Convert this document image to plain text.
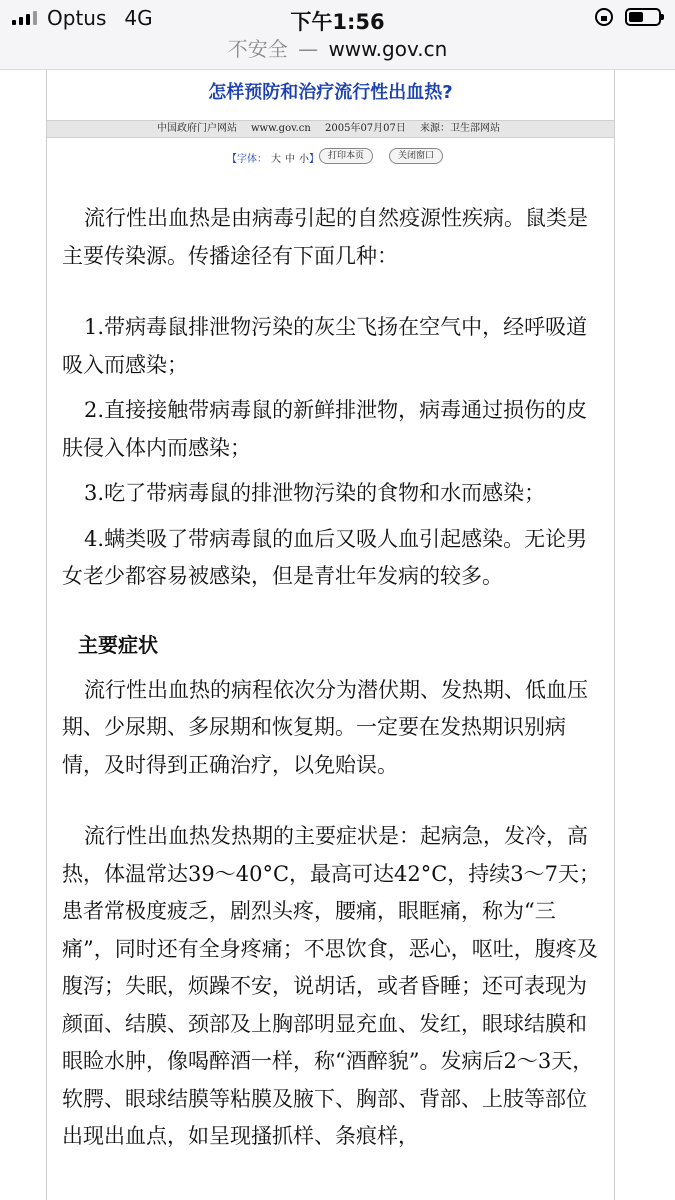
Optus 4G	下午1:56
不安全 — www.gov.cn
怎样预防和治疗流行性出血热?
中国政府门户网站 www.gov.cn 2005年07月07日 来源：卫生部网站
【字体： 大 中 小】	打印本页	关闭窗口

流行性出血热是由病毒引起的自然疫源性疾病。鼠类是主要传染源。传播途径有下面几种：

1.带病毒鼠排泄物污染的灰尘飞扬在空气中，经呼吸道吸入而感染；

2.直接接触带病毒鼠的新鲜排泄物，病毒通过损伤的皮肤侵入体内而感染；

3.吃了带病毒鼠的排泄物污染的食物和水而感染；

4.螨类吸了带病毒鼠的血后又吸人血引起感染。无论男女老少都容易被感染，但是青壮年发病的较多。

主要症状

流行性出血热的病程依次分为潜伏期、发热期、低血压期、少尿期、多尿期和恢复期。一定要在发热期识别病情，及时得到正确治疗，以免贻误。

流行性出血热发热期的主要症状是：起病急，发冷，高热，体温常达39～40°C，最高可达42°C，持续3～7天；患者常极度疲乏，剧烈头疼，腰痛，眼眶痛，称为“三痛”，同时还有全身疼痛；不思饮食，恶心，呕吐，腹疼及腹泻；失眠，烦躁不安，说胡话，或者昏睡；还可表现为颜面、结膜、颈部及上胸部明显充血、发红，眼球结膜和眼睑水肿，像喝醉酒一样，称“酒醉貌”。发病后2～3天，软腭、眼球结膜等粘膜及腋下、胸部、背部、上肢等部位出现出血点，如呈现搔抓样、条痕样，
